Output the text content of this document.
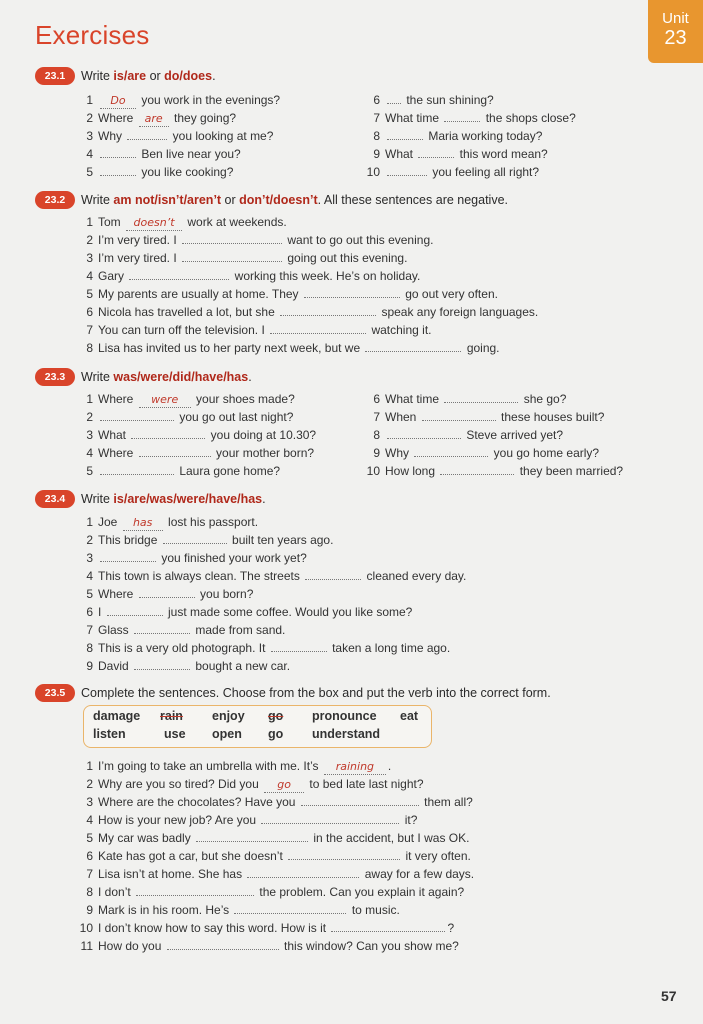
Exercises
Unit
23
23.1	Write is/are or do/does.
1 Do you work in the evenings?
2 Where are they going?
3 Why	you looking at me?
4	Ben live near you?
5	you like cooking?
6 the sun shining?
7 What time	the shops close?
8	Maria working today?
9 What	this word mean?
10	you feeling all right?
23.2	Write am not/isn’t/aren’t or don’t/doesn’t. All these sentences are negative.
1 Tom doesn’t work at weekends.
2 I’m very tired. I	want to go out this evening.
3 I’m very tired. I	going out this evening.
4 Gary	working this week. He’s on holiday.
5 My parents are usually at home. They	go out very often.
6 Nicola has travelled a lot, but she	speak any foreign languages.
7 You can turn off the television. I	watching it.
8 Lisa has invited us to her party next week, but we	going.
23.3	Write was/were/did/have/has.
1 Where were your shoes made?
2	you go out last night?
3 What	you doing at 10.30?
4 Where	your mother born?
5	Laura gone home?
6 What time	she go?
7 When	these houses built?
8	Steve arrived yet?
9 Why	you go home early?
10 How long	they been married?
23.4	Write is/are/was/were/have/has.
1 Joe has lost his passport.
2 This bridge	built ten years ago.
3	you finished your work yet?
4 This town is always clean. The streets	cleaned every day.
5 Where	you born?
6 I	just made some coffee. Would you like some?
7 Glass	made from sand.
8 This is a very old photograph. It	taken a long time ago.
9 David	bought a new car.
23.5	Complete the sentences. Choose from the box and put the verb into the correct form.
damage rain enjoy go pronounce eat
listen	use open go understand
1 I’m going to take an umbrella with me. It’s raining .
2 Why are you so tired? Did you go to bed late last night?
3 Where are the chocolates? Have you	them all?
4 How is your new job? Are you	it?
5 My car was badly	in the accident, but I was OK.
6 Kate has got a car, but she doesn’t	it very often.
7 Lisa isn’t at home. She has	away for a few days.
8 I don’t	the problem. Can you explain it again?
9 Mark is in his room. He’s	to music.
10 I don’t know how to say this word. How is it	?
11 How do you	this window? Can you show me?
57
